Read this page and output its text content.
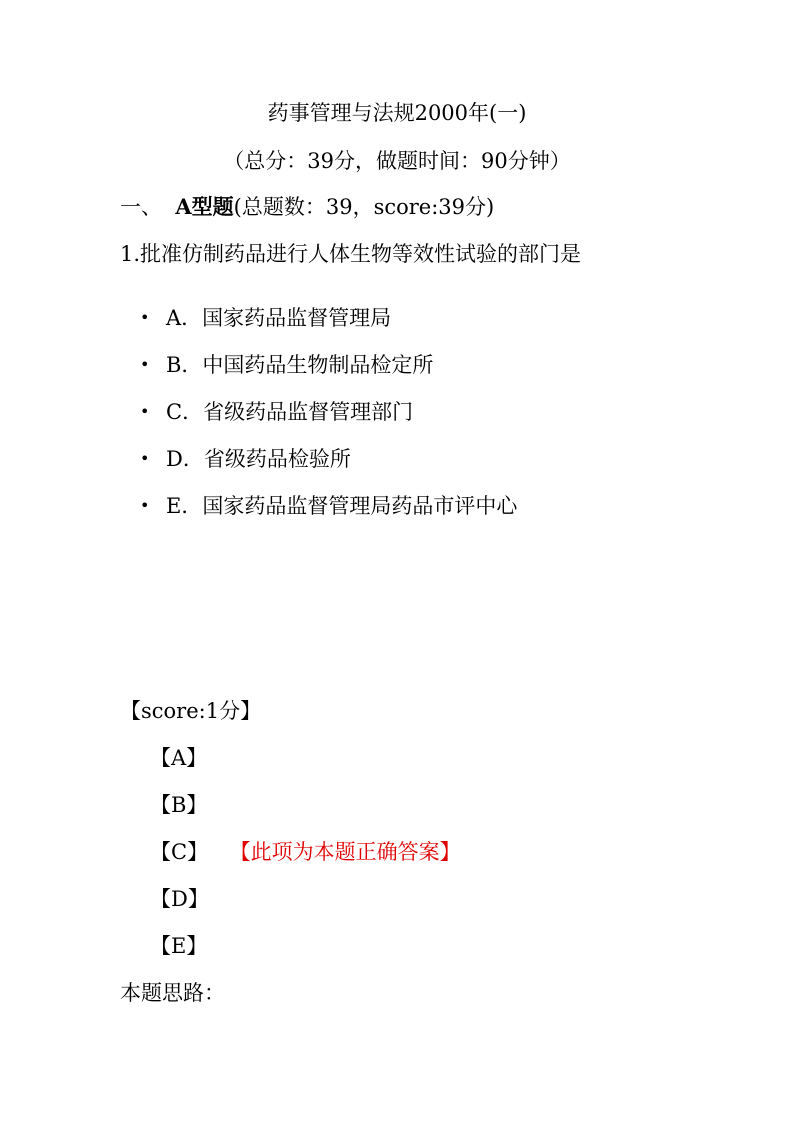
药事管理与法规2000年(一)
（总分：39分，做题时间：90分钟）
一、 A型题(总题数：39，score:39分)
1.批准仿制药品进行人体生物等效性试验的部门是
• A．国家药品监督管理局
• B．中国药品生物制品检定所
• C．省级药品监督管理部门
• D．省级药品检验所
• E．国家药品监督管理局药品市评中心
【score:1分】
【A】
【B】
【C】 【此项为本题正确答案】
【D】
【E】
本题思路：
